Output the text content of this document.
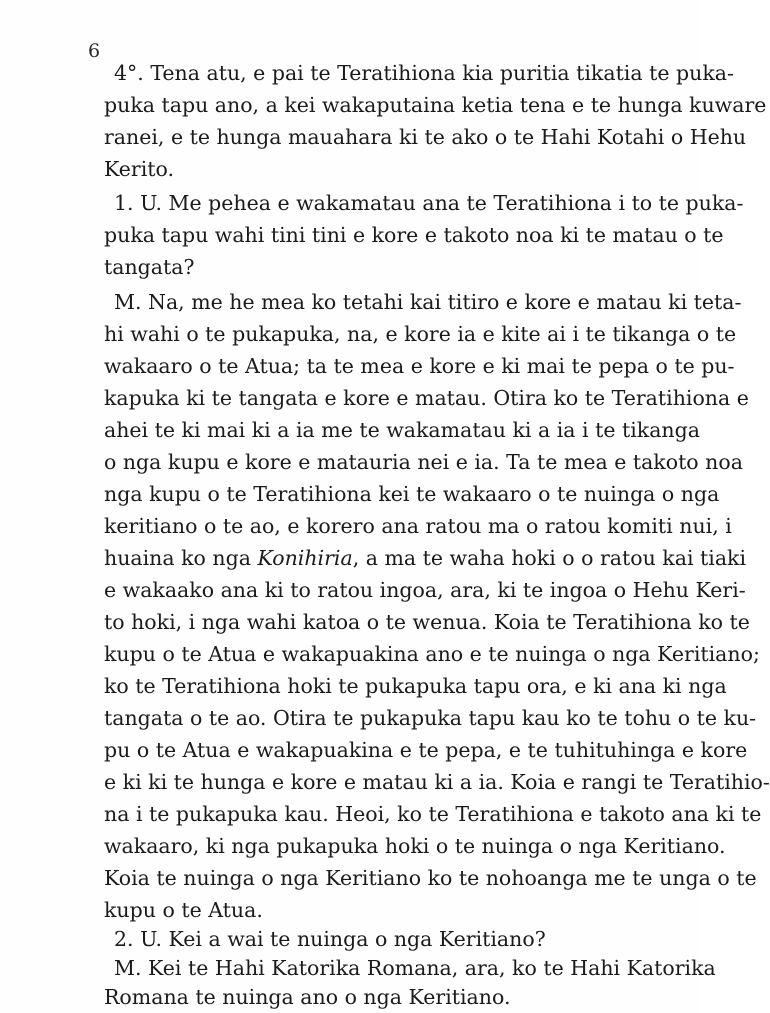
6
4°. Tena atu, e pai te Teratihiona kia puritia tikatia te puka-
puka tapu ano, a kei wakaputaina ketia tena e te hunga kuware
ranei, e te hunga mauahara ki te ako o te Hahi Kotahi o Hehu
Kerito.
1. U. Me pehea e wakamatau ana te Teratihiona i to te puka-
puka tapu wahi tini tini e kore e takoto noa ki te matau o te
tangata?
M. Na, me he mea ko tetahi kai titiro e kore e matau ki teta-
hi wahi o te pukapuka, na, e kore ia e kite ai i te tikanga o te
wakaaro o te Atua; ta te mea e kore e ki mai te pepa o te pu-
kapuka ki te tangata e kore e matau. Otira ko te Teratihiona e
ahei te ki mai ki a ia me te wakamatau ki a ia i te tikanga
o nga kupu e kore e matauria nei e ia. Ta te mea e takoto noa
nga kupu o te Teratihiona kei te wakaaro o te nuinga o nga
keritiano o te ao, e korero ana ratou ma o ratou komiti nui, i
huaina ko nga Konihiria, a ma te waha hoki o o ratou kai tiaki
e wakaako ana ki to ratou ingoa, ara, ki te ingoa o Hehu Keri-
to hoki, i nga wahi katoa o te wenua. Koia te Teratihiona ko te
kupu o te Atua e wakapuakina ano e te nuinga o nga Keritiano;
ko te Teratihiona hoki te pukapuka tapu ora, e ki ana ki nga
tangata o te ao. Otira te pukapuka tapu kau ko te tohu o te ku-
pu o te Atua e wakapuakina e te pepa, e te tuhituhinga e kore
e ki ki te hunga e kore e matau ki a ia. Koia e rangi te Teratihio-
na i te pukapuka kau. Heoi, ko te Teratihiona e takoto ana ki te
wakaaro, ki nga pukapuka hoki o te nuinga o nga Keritiano.
Koia te nuinga o nga Keritiano ko te nohoanga me te unga o te
kupu o te Atua.
2. U. Kei a wai te nuinga o nga Keritiano?
M. Kei te Hahi Katorika Romana, ara, ko te Hahi Katorika
Romana te nuinga ano o nga Keritiano.
